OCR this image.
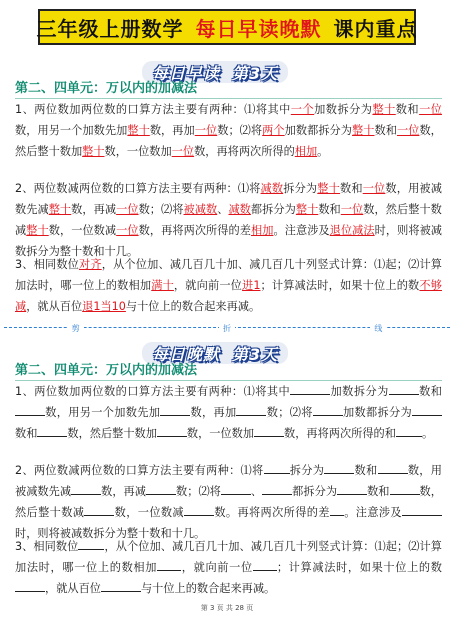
三年级上册数学 每日早读晚默 课内重点
每日早读 第3天
第二、四单元：万以内的加减法

1、两位数加两位数的口算方法主要有两种：⑴将其中一个加数拆分为整十数和一位数，用另一个加数先加整十数，再加一位数；⑵将两个加数都拆分为整十数和一位数，然后整十数加整十数，一位数加一位数，再将两次所得的相加。

2、两位数减两位数的口算方法主要有两种：⑴将减数拆分为整十数和一位数，用被减数先减整十数，再减一位数；⑵将被减数、减数都拆分为整十数和一位数，然后整十数减整十数，一位数减一位数，再将两次所得的差相加。注意涉及退位减法时，则将被减数拆分为整十数和十几。

3、相同数位对齐，从个位加、减几百几十加、减几百几十列竖式计算：⑴起；⑵计算加法时，哪一位上的数相加满十，就向前一位进1；计算减法时，如果十位上的数不够减，就从百位退1当10与十位上的数合起来再减。

剪	折	线
每日晚默 第3天
第二、四单元：万以内的加减法

1、两位数加两位数的口算方法主要有两种：⑴将其中	加数拆分为	数和数，用另一个加数先加	数，再加	数；⑵将	加数都拆分为数和	数，然后整十数加	数，一位数加	数，再将两次所得的和 。

2、两位数减两位数的口算方法主要有两种：⑴将 拆分为	数和	数，用被减数先减	数，再减	数；⑵将	、	都拆分为	数和	数，然后整十数减	数，一位数减	数。再将两次所得的差 。注意涉及时，则将被减数拆分为整十数和十几。

3、相同数位 ，从个位加、减几百几十加、减几百几十列竖式计算：⑴起；⑵计算加法时，哪一位上的数相加 ，就向前一位 ；计算减法时，如果十位上的数，就从百位	与十位上的数合起来再减。

第 3 页 共 28 页
